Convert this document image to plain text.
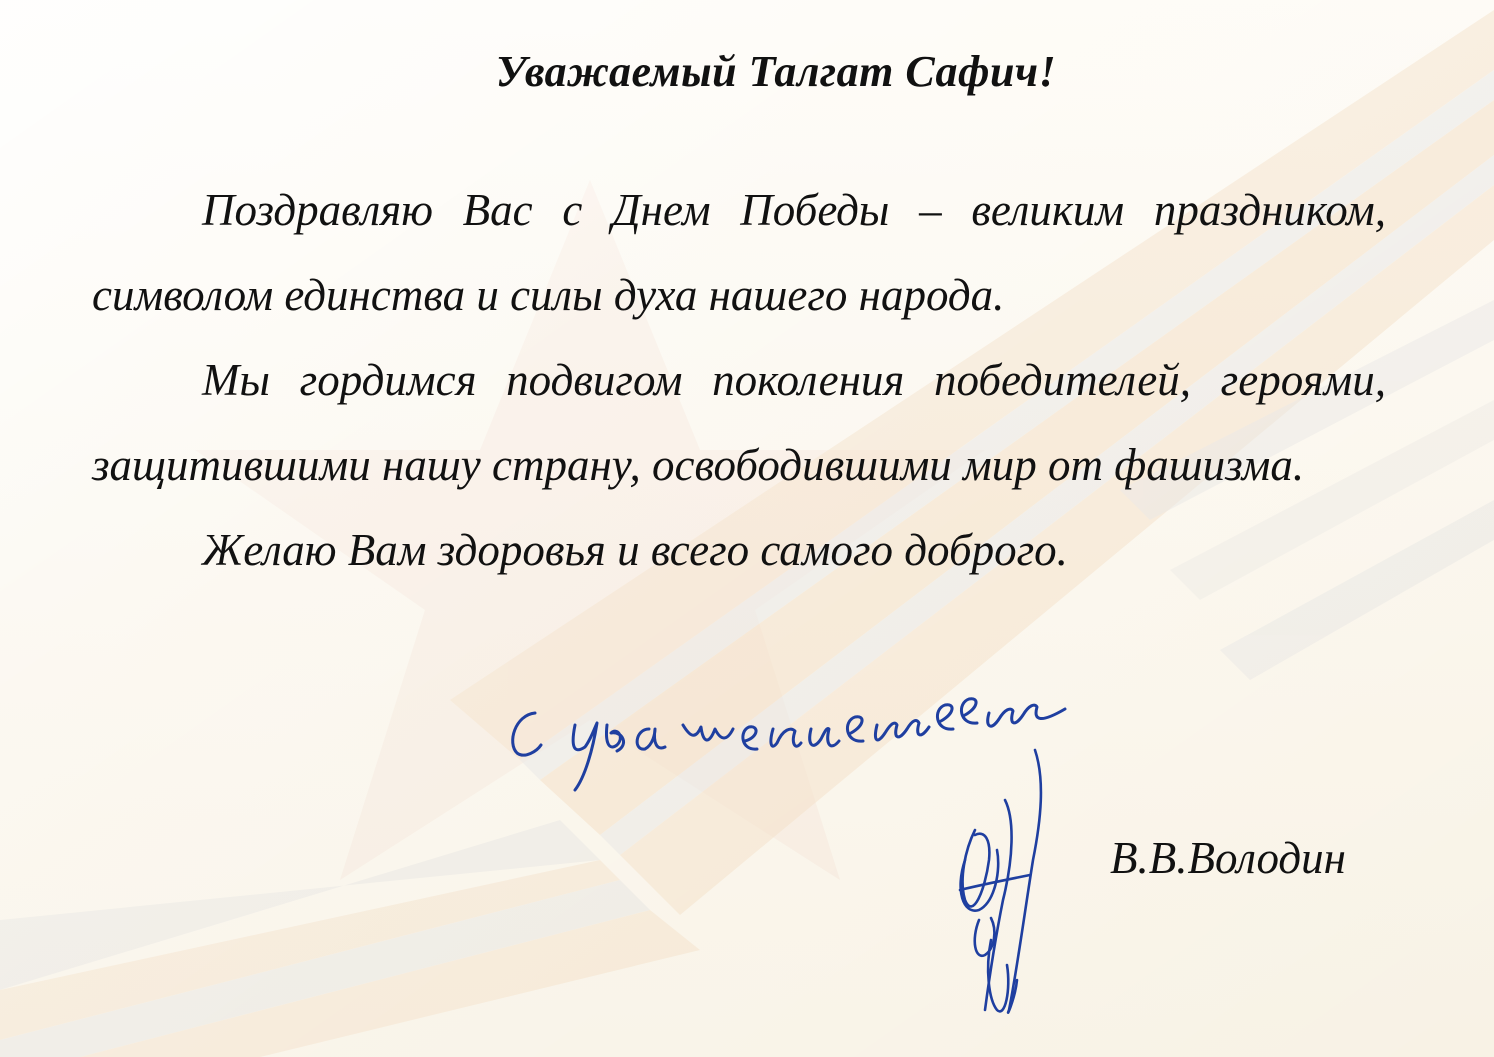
Уважаемый Талгат Сафич!

Поздравляю Вас с Днем Победы – великим праздником, символом единства и силы духа нашего народа.

Мы гордимся подвигом поколения победителей, героями, защитившими нашу страну, освободившими мир от фашизма.

Желаю Вам здоровья и всего самого доброго.

В.В.Володин
